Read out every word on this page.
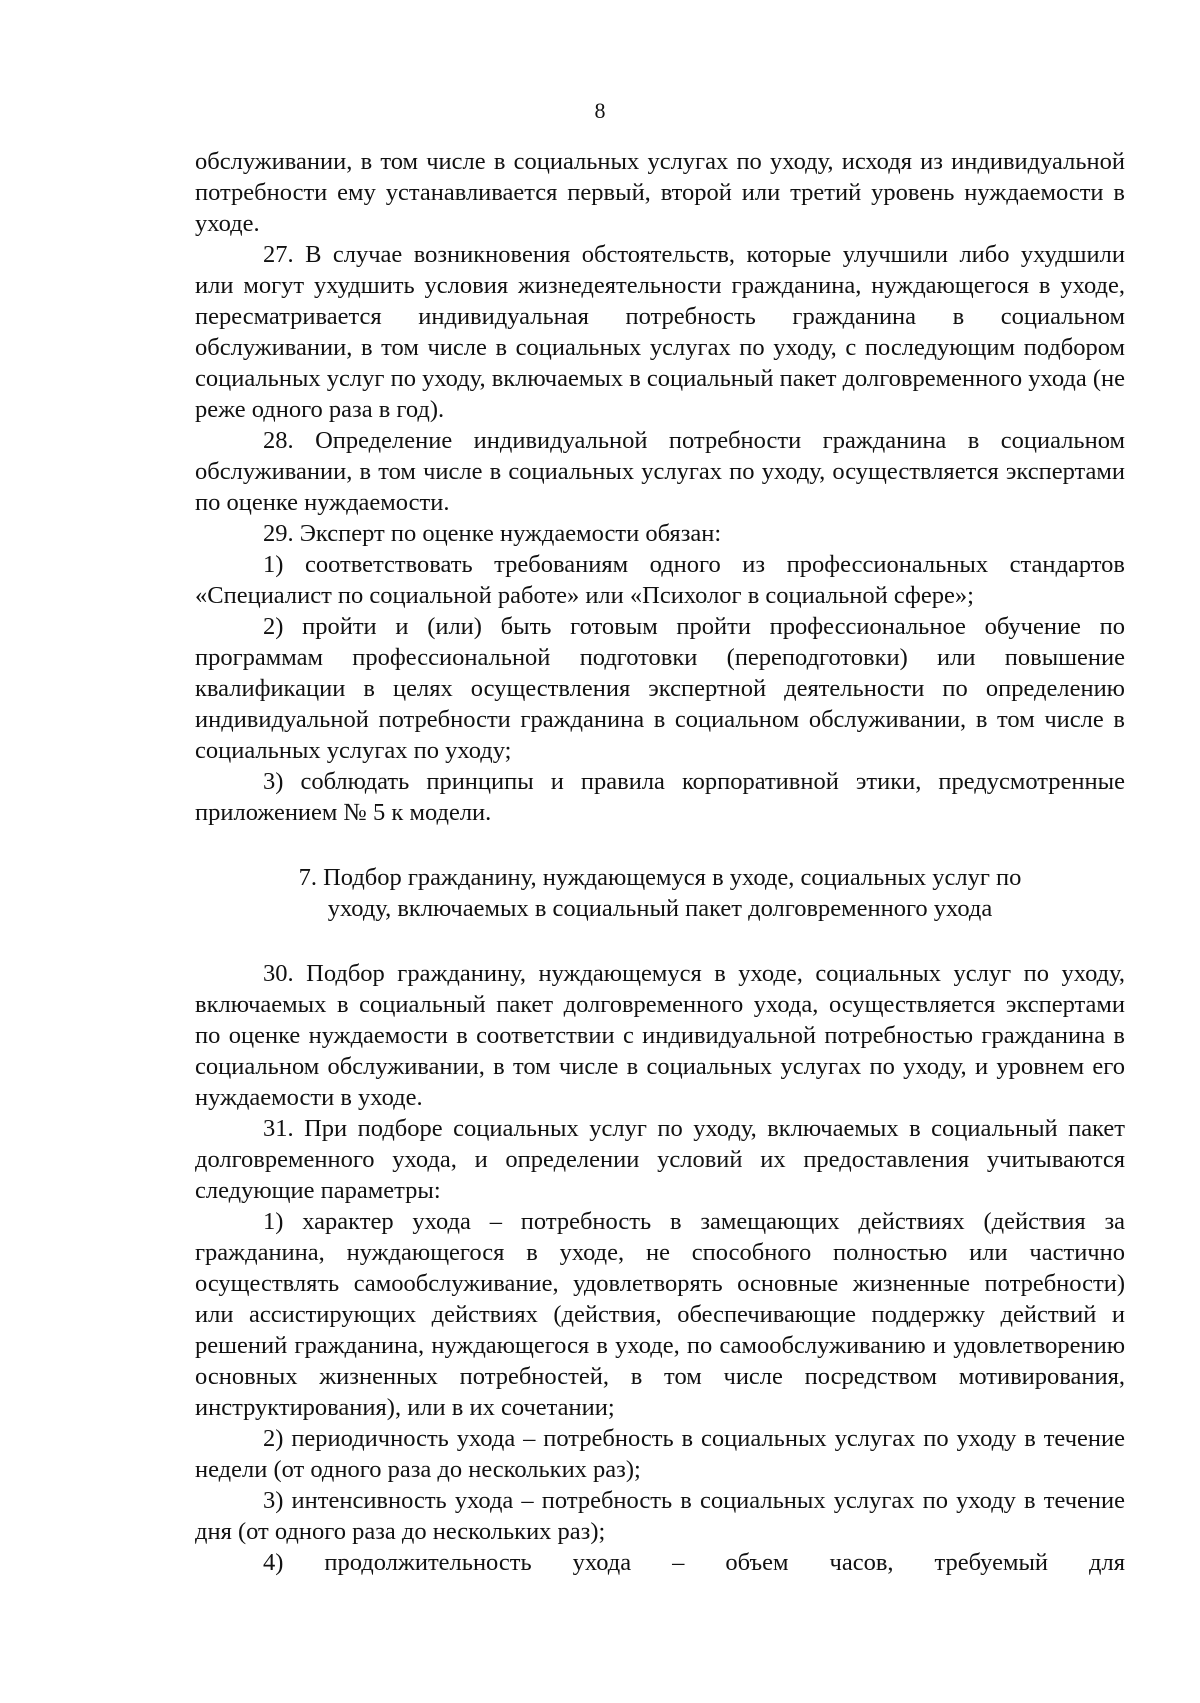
8

обслуживании, в том числе в социальных услугах по уходу, исходя из индивидуальной потребности ему устанавливается первый, второй или третий уровень нуждаемости в уходе.

27. В случае возникновения обстоятельств, которые улучшили либо ухудшили или могут ухудшить условия жизнедеятельности гражданина, нуждающегося в уходе, пересматривается индивидуальная потребность гражданина в социальном обслуживании, в том числе в социальных услугах по уходу, с последующим подбором социальных услуг по уходу, включаемых в социальный пакет долговременного ухода (не реже одного раза в год).

28. Определение индивидуальной потребности гражданина в социальном обслуживании, в том числе в социальных услугах по уходу, осуществляется экспертами по оценке нуждаемости.

29. Эксперт по оценке нуждаемости обязан:

1) соответствовать требованиям одного из профессиональных стандартов «Специалист по социальной работе» или «Психолог в социальной сфере»;

2) пройти и (или) быть готовым пройти профессиональное обучение по программам профессиональной подготовки (переподготовки) или повышение квалификации в целях осуществления экспертной деятельности по определению индивидуальной потребности гражданина в социальном обслуживании, в том числе в социальных услугах по уходу;

3) соблюдать принципы и правила корпоративной этики, предусмотренные приложением № 5 к модели.

7. Подбор гражданину, нуждающемуся в уходе, социальных услуг по уходу, включаемых в социальный пакет долговременного ухода

30. Подбор гражданину, нуждающемуся в уходе, социальных услуг по уходу, включаемых в социальный пакет долговременного ухода, осуществляется экспертами по оценке нуждаемости в соответствии с индивидуальной потребностью гражданина в социальном обслуживании, в том числе в социальных услугах по уходу, и уровнем его нуждаемости в уходе.

31. При подборе социальных услуг по уходу, включаемых в социальный пакет долговременного ухода, и определении условий их предоставления учитываются следующие параметры:

1) характер ухода – потребность в замещающих действиях (действия за гражданина, нуждающегося в уходе, не способного полностью или частично осуществлять самообслуживание, удовлетворять основные жизненные потребности) или ассистирующих действиях (действия, обеспечивающие поддержку действий и решений гражданина, нуждающегося в уходе, по самообслуживанию и удовлетворению основных жизненных потребностей, в том числе посредством мотивирования, инструктирования), или в их сочетании;

2) периодичность ухода – потребность в социальных услугах по уходу в течение недели (от одного раза до нескольких раз);

3) интенсивность ухода – потребность в социальных услугах по уходу в течение дня (от одного раза до нескольких раз);

4) продолжительность ухода – объем часов, требуемый для
